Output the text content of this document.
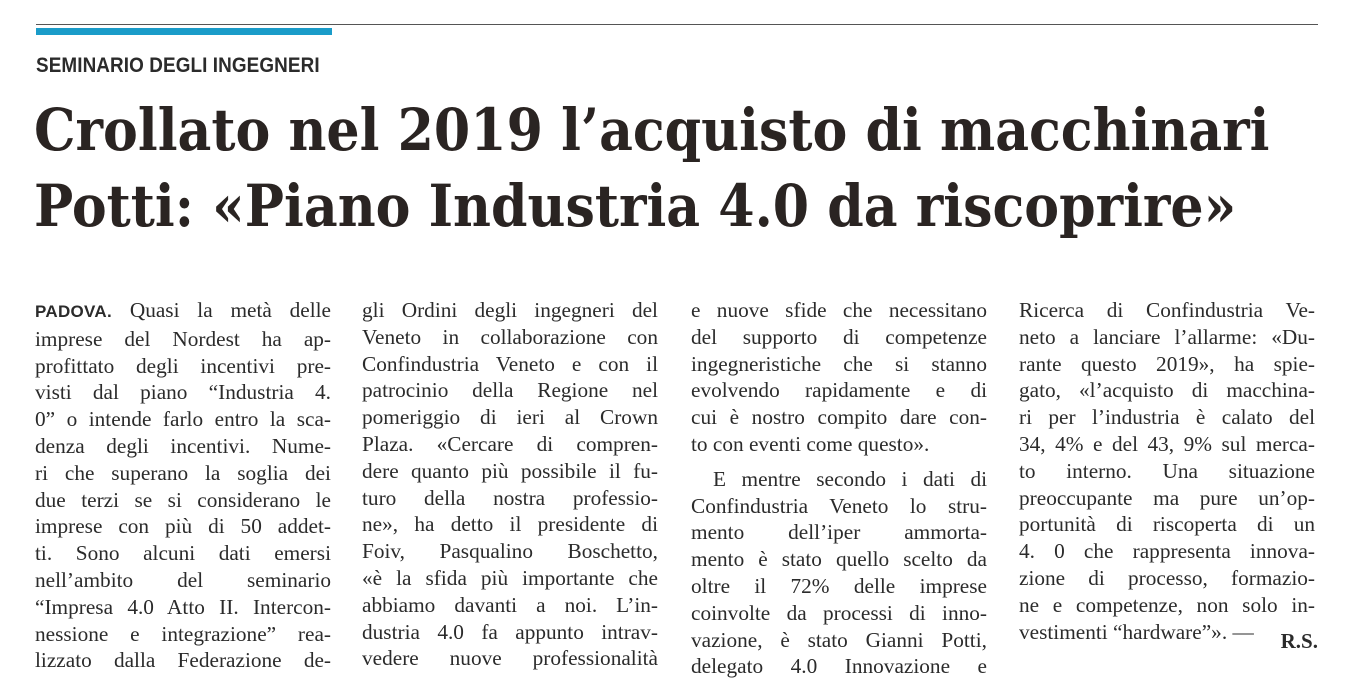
SEMINARIO DEGLI INGEGNERI
Crollato nel 2019 l’acquisto di macchinari
Potti: «Piano Industria 4.0 da riscoprire»
PADOVA. Quasi la metà delle
imprese del Nordest ha ap-
profittato degli incentivi pre-
visti dal piano “Industria 4.
0” o intende farlo entro la sca-
denza degli incentivi. Nume-
ri che superano la soglia dei
due terzi se si considerano le
imprese con più di 50 addet-
ti. Sono alcuni dati emersi
nell’ambito del seminario
“Impresa 4.0 Atto II. Intercon-
nessione e integrazione” rea-
lizzato dalla Federazione de-
gli Ordini degli ingegneri del
Veneto in collaborazione con
Confindustria Veneto e con il
patrocinio della Regione nel
pomeriggio di ieri al Crown
Plaza. «Cercare di compren-
dere quanto più possibile il fu-
turo della nostra professio-
ne», ha detto il presidente di
Foiv, Pasqualino Boschetto,
«è la sfida più importante che
abbiamo davanti a noi. L’in-
dustria 4.0 fa appunto intrav-
vedere nuove professionalità
e nuove sfide che necessitano
del supporto di competenze
ingegneristiche che si stanno
evolvendo rapidamente e di
cui è nostro compito dare con-
to con eventi come questo».
E mentre secondo i dati di
Confindustria Veneto lo stru-
mento dell’iper ammorta-
mento è stato quello scelto da
oltre il 72% delle imprese
coinvolte da processi di inno-
vazione, è stato Gianni Potti,
delegato 4.0 Innovazione e
Ricerca di Confindustria Ve-
neto a lanciare l’allarme: «Du-
rante questo 2019», ha spie-
gato, «l’acquisto di macchina-
ri per l’industria è calato del
34, 4% e del 43, 9% sul merca-
to interno. Una situazione
preoccupante ma pure un’op-
portunità di riscoperta di un
4. 0 che rappresenta innova-
zione di processo, formazio-
ne e competenze, non solo in-
vestimenti “hardware”». —	R.S.
